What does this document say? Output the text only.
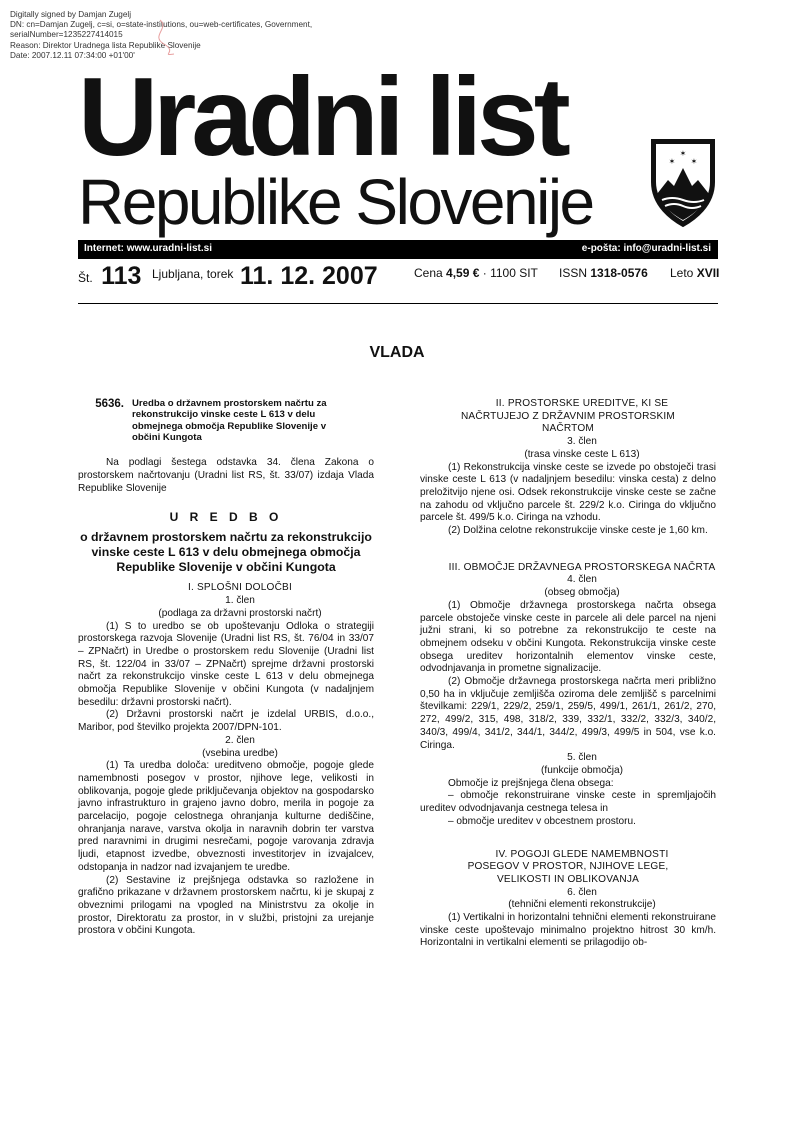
Digitally signed by Damjan Zugelj
DN: cn=Damjan Zugelj, c=si, o=state-institutions, ou=web-certificates, Government,
serialNumber=1235227414015
Reason: Direktor Uradnega lista Republike Slovenije
Date: 2007.12.11 07:34:00 +01'00'
Uradni list
Republike Slovenije
✶
✶ ✶
Internet: www.uradni-list.si	e-pošta: info@uradni-list.si
Št. 113 Ljubljana, torek 11. 12. 2007	Cena 4,59 € · 1100 SIT ISSN 1318-0576 Leto XVII
VLADA
5636. Uredba o državnem prostorskem načrtu za rekonstrukcijo vinske ceste L 613 v delu obmejnega območja Republike Slovenije v občini Kungota

Na podlagi šestega odstavka 34. člena Zakona o prostorskem načrtovanju (Uradni list RS, št. 33/07) izdaja Vlada Republike Slovenije

U R E D B O
o državnem prostorskem načrtu za rekonstrukcijo vinske ceste L 613 v delu obmejnega območja Republike Slovenije v občini Kungota

I. SPLOŠNI DOLOČBI

1. člen

(podlaga za državni prostorski načrt)

(1) S to uredbo se ob upoštevanju Odloka o strategiji prostorskega razvoja Slovenije (Uradni list RS, št. 76/04 in 33/07 – ZPNačrt) in Uredbe o prostorskem redu Slovenije (Uradni list RS, št. 122/04 in 33/07 – ZPNačrt) sprejme državni prostorski načrt za rekonstrukcijo vinske ceste L 613 v delu obmejnega območja Republike Slovenije v občini Kungota (v nadaljnjem besedilu: državni prostorski načrt).

(2) Državni prostorski načrt je izdelal URBIS, d.o.o., Maribor, pod številko projekta 2007/DPN-101.

2. člen

(vsebina uredbe)

(1) Ta uredba določa: ureditveno območje, pogoje glede namembnosti posegov v prostor, njihove lege, velikosti in oblikovanja, pogoje glede priključevanja objektov na gospodarsko javno infrastrukturo in grajeno javno dobro, merila in pogoje za parcelacijo, pogoje celostnega ohranjanja kulturne dediščine, ohranjanja narave, varstva okolja in naravnih dobrin ter varstva pred naravnimi in drugimi nesrečami, pogoje varovanja zdravja ljudi, etapnost izvedbe, obveznosti investitorjev in izvajalcev, odstopanja in nadzor nad izvajanjem te uredbe.

(2) Sestavine iz prejšnjega odstavka so razložene in grafično prikazane v državnem prostorskem načrtu, ki je skupaj z obveznimi prilogami na vpogled na Ministrstvu za okolje in prostor, Direktoratu za prostor, in v službi, pristojni za urejanje prostora v občini Kungota.

II. PROSTORSKE UREDITVE, KI SE NAČRTUJEJO Z DRŽAVNIM PROSTORSKIM NAČRTOM

3. člen

(trasa vinske ceste L 613)

(1) Rekonstrukcija vinske ceste se izvede po obstoječi trasi vinske ceste L 613 (v nadaljnjem besedilu: vinska cesta) z delno preložitvijo njene osi. Odsek rekonstrukcije vinske ceste se začne na zahodu od vključno parcele št. 229/2 k.o. Ciringa do vključno parcele št. 499/5 k.o. Ciringa na vzhodu.

(2) Dolžina celotne rekonstrukcije vinske ceste je 1,60 km.

III. OBMOČJE DRŽAVNEGA PROSTORSKEGA NAČRTA

4. člen

(obseg območja)

(1) Območje državnega prostorskega načrta obsega parcele obstoječe vinske ceste in parcele ali dele parcel na njeni južni strani, ki so potrebne za rekonstrukcijo te ceste na obmejnem odseku v občini Kungota. Rekonstrukcija vinske ceste obsega ureditev horizontalnih elementov vinske ceste, odvodnjavanja in prometne signalizacije.

(2) Območje državnega prostorskega načrta meri približno 0,50 ha in vključuje zemljišča oziroma dele zemljišč s parcelnimi številkami: 229/1, 229/2, 259/1, 259/5, 499/1, 261/1, 261/2, 270, 272, 499/2, 315, 498, 318/2, 339, 332/1, 332/2, 332/3, 340/2, 340/3, 499/4, 341/2, 344/1, 344/2, 499/3, 499/5 in 504, vse k.o. Ciringa.

5. člen

(funkcije območja)

Območje iz prejšnjega člena obsega:

– območje rekonstruirane vinske ceste in spremljajočih ureditev odvodnjavanja cestnega telesa in

– območje ureditev v obcestnem prostoru.

IV. POGOJI GLEDE NAMEMBNOSTI POSEGOV V PROSTOR, NJIHOVE LEGE, VELIKOSTI IN OBLIKOVANJA

6. člen

(tehnični elementi rekonstrukcije)

(1) Vertikalni in horizontalni tehnični elementi rekonstruirane vinske ceste upoštevajo minimalno projektno hitrost 30 km/h. Horizontalni in vertikalni elementi se prilagodijo ob-
